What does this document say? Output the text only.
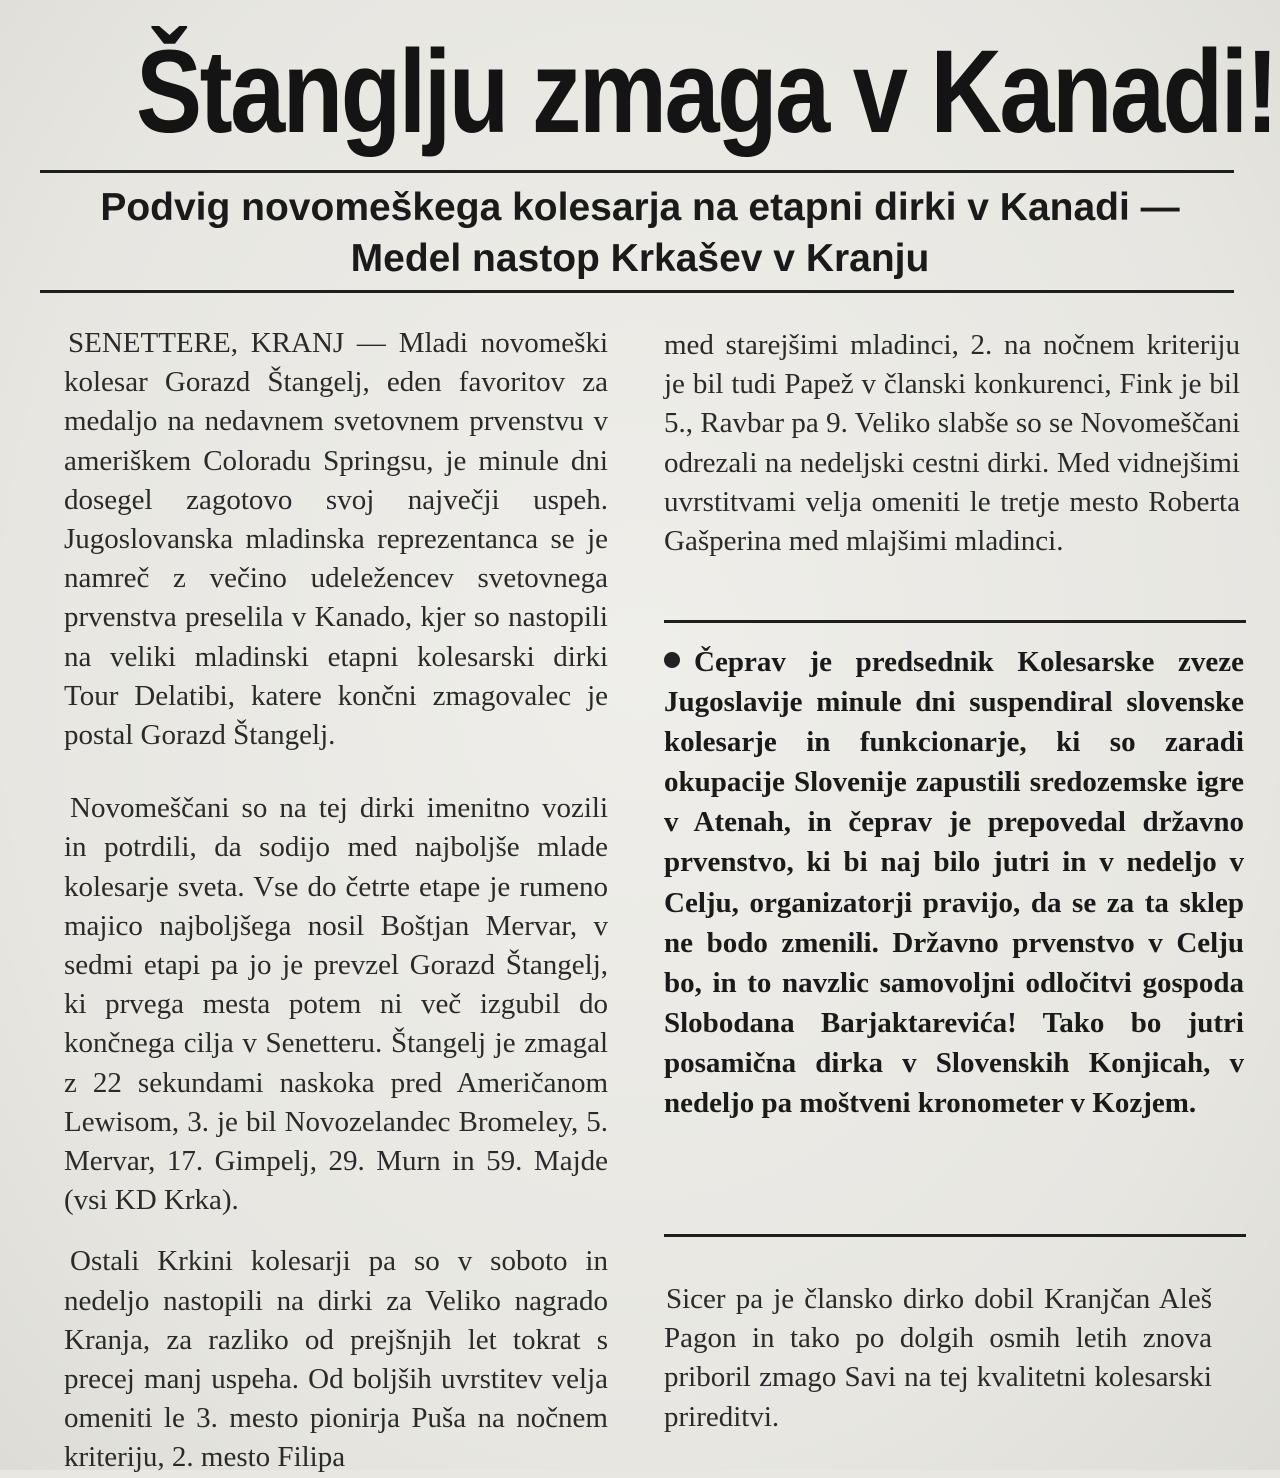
Štanglju zmaga v Kanadi!
Podvig novomeškega kolesarja na etapni dirki v Kanadi — Medel nastop Krkašev v Kranju

SENETTERE, KRANJ — Mladi novomeški kolesar Gorazd Štangelj, eden favoritov za medaljo na nedavnem svetovnem prvenstvu v ameriškem Coloradu Springsu, je minule dni dosegel zagotovo svoj največji uspeh. Jugoslovanska mladinska reprezentanca se je namreč z večino udeležencev svetovnega prvenstva preselila v Kanado, kjer so nastopili na veliki mladinski etapni kolesarski dirki Tour Delatibi, katere končni zmagovalec je postal Gorazd Štangelj.

Novomeščani so na tej dirki imenitno vozili in potrdili, da sodijo med najboljše mlade kolesarje sveta. Vse do četrte etape je rumeno majico najboljšega nosil Boštjan Mervar, v sedmi etapi pa jo je prevzel Gorazd Štangelj, ki prvega mesta potem ni več izgubil do končnega cilja v Senetteru. Štangelj je zmagal z 22 sekundami naskoka pred Američanom Lewisom, 3. je bil Novozelandec Bromeley, 5. Mervar, 17. Gimpelj, 29. Murn in 59. Majde (vsi KD Krka).

Ostali Krkini kolesarji pa so v soboto in nedeljo nastopili na dirki za Veliko nagrado Kranja, za razliko od prejšnjih let tokrat s precej manj uspeha. Od boljših uvrstitev velja omeniti le 3. mesto pionirja Puša na nočnem kriteriju, 2. mesto Filipa

med starejšimi mladinci, 2. na nočnem kriteriju je bil tudi Papež v članski konkurenci, Fink je bil 5., Ravbar pa 9. Veliko slabše so se Novomeščani odrezali na nedeljski cestni dirki. Med vidnejšimi uvrstitvami velja omeniti le tretje mesto Roberta Gašperina med mlajšimi mladinci.
Čeprav je predsednik Kolesarske zveze Jugoslavije minule dni suspendiral slovenske kolesarje in funkcionarje, ki so zaradi okupacije Slovenije zapustili sredozemske igre v Atenah, in čeprav je prepovedal državno prvenstvo, ki bi naj bilo jutri in v nedeljo v Celju, organizatorji pravijo, da se za ta sklep ne bodo zmenili. Državno prvenstvo v Celju bo, in to navzlic samovoljni odločitvi gospoda Slobodana Barjaktarevića! Tako bo jutri posamična dirka v Slovenskih Konjicah, v nedeljo pa moštveni kronometer v Kozjem.

Sicer pa je člansko dirko dobil Kranjčan Aleš Pagon in tako po dolgih osmih letih znova priboril zmago Savi na tej kvalitetni kolesarski prireditvi.
